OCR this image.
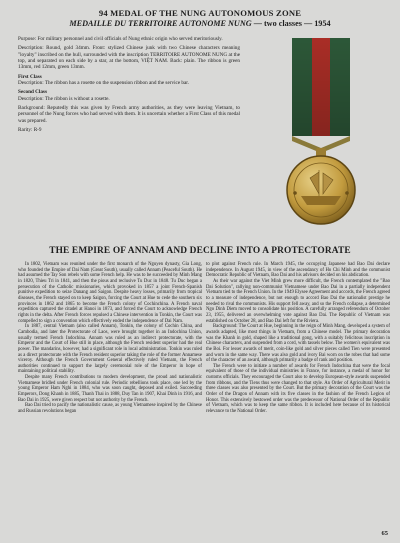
94 MEDAL OF THE NUNG AUTONOMOUS ZONE
MEDAILLE DU TERRITOIRE AUTONOME NUNG — two classes — 1954

Purpose: For military personnel and civil officials of Nung ethnic origin who served meritoriously.

Description: Round, gold 34mm. Front: stylized Chinese junk with two Chinese characters meaning "loyalty" inscribed on the hull, surrounded with the inscription TERRITOIRE AUTONOME NUNG at the top, and separated on each side by a star, at the bottom, VIỆT NAM. Back: plain. The ribbon is green 13mm, red 12mm, green 13mm.

First Class

Description: The ribbon has a rosette on the suspension ribbon and the service bar.

Second Class

Description: The ribbon is without a rosette.

Background: Reputedly this was given by French army authorities, as they were leaving Vietnam, to personnel of the Nung forces who had served with them. It is uncertain whether a First Class of this medal was prepared.

Rarity: R-9

THE EMPIRE OF ANNAM AND DECLINE INTO A PROTECTORATE

In 1802, Vietnam was reunited under the first monarch of the Nguyen dynasty, Gia Long, who founded the Empire of Dai Nam (Great South), usually called Annam (Peaceful South). He had assumed the Tay Son rebels with some French help. He was to be succeeded by Minh Mang in 1820, Thieu Tri in 1841, and then the pious and reclusive Tu Duc in 1848. Tu Duc began a persecution of the Catholic missionaries, which provoked in 1857 a joint French-Spanish punitive expedition to seize Danang and Saigon. Despite heavy losses, primarily from tropical diseases, the French stayed on to keep Saigon, forcing the Court at Hue to cede the southern six provinces in 1862 and 1865 to become the French colony of Cochinchina. A French naval expedition captured the citadel at Hanoi in 1873, and forced the Court to acknowledge French rights in the delta. After French forces repulsed a Chinese intervention in Tonkin, the Court was compelled to sign a convention which effectively ended the independence of Dai Nam.

In 1887, central Vietnam (also called Annam), Tonkin, the colony of Cochin China, and Cambodia, and later the Protectorate of Laos, were brought together in an Indochina Union, usually termed French Indochina. Annam was ruled as an indirect protectorate, with the Emperor and the Court of Hue still in place, although the French resident superior had the real power. The mandarins, however, had a significant role in local administration. Tonkin was ruled as a direct protectorate with the French resident superior taking the role of the former Annamese viceroy. Although the French Government General effectively ruled Vietnam, the French authorities continued to support the largely ceremonial role of the Emperor in hope of maintaining political stability.

Despite many French contributions to modern development, the proud and nationalistic Vietnamese bridled under French colonial rule. Periodic rebellions took place, one led by the young Emperor Ham Nghi in 1884, who was soon caught, deposed and exiled. Succeeding Emperors, Dong Khanh in 1885, Thanh Thai in 1888, Duy Tan in 1907, Khai Dinh in 1916, and Bao Dai in 1925, were given respect but not authority by the French.

Bao Dai tried to pacify the nationalistic cause, as young Vietnamese inspired by the Chinese and Russian revolutions began

to plot against French rule. In March 1945, the occupying Japanese had Bao Dai declare independence. In August 1945, in view of the ascendancy of Ho Chi Minh and the communist Democratic Republic of Vietnam, Bao Dai and his advisors decided on his abdication.

As their war against the Viet Minh grew more difficult, the French contemplated the "Bao Dai Solution", rallying non-communist Vietnamese under Bao Dai in a partially independent Vietnam tied to the French Union. In the 1949 Elysee Agreement and accords, the French agreed to a measure of independence, but not enough to accord Bao Dai the nationalist prestige he needed to rival the communists. His support fell away, and so the French collapse, a determined Ngo Dinh Diem moved to consolidate his position. A carefully arranged referendum of October 23, 1955, delivered an overwhelming vote against Bao Dai. The Republic of Vietnam was established on October 28, and Bao Dai left for the Riviera.

Background: The Court at Hue, beginning in the reign of Minh Mang, developed a system of awards adapted, like most things in Vietnam, from a Chinese model. The primary decoration was the Khanh in gold, shaped like a traditional gong, with a suitably felicitous inscription in Chinese characters, and suspended from a cord, with tassels below. The women's equivalent was the Boi. For lesser awards of merit, coin-like gold and silver pieces called Tien were presented and worn in the same way. There was also gold and ivory Bai worn on the robes that had some of the character of an award, although primarily a badge of rank and position.

The French were to initiate a number of awards for French Indochina that were the focal equivalent of those of the individual ministries in France, for instance, a medal of honor for customs officials. They encouraged the Court also to develop European-style awards suspended from ribbons, and the Tiens thus were changed to that style. An Order of Agricultural Merit in three classes was also presented by the Court. But the primary decoration of the Court was the Order of the Dragon of Annam with its five classes in the fashion of the French Legion of Honor. This extensively bestowed order was the predecessor of National Order of the Republic of Vietnam, which was to keep the same ribbon. It is included here because of its historical relevance to the National Order.

65
